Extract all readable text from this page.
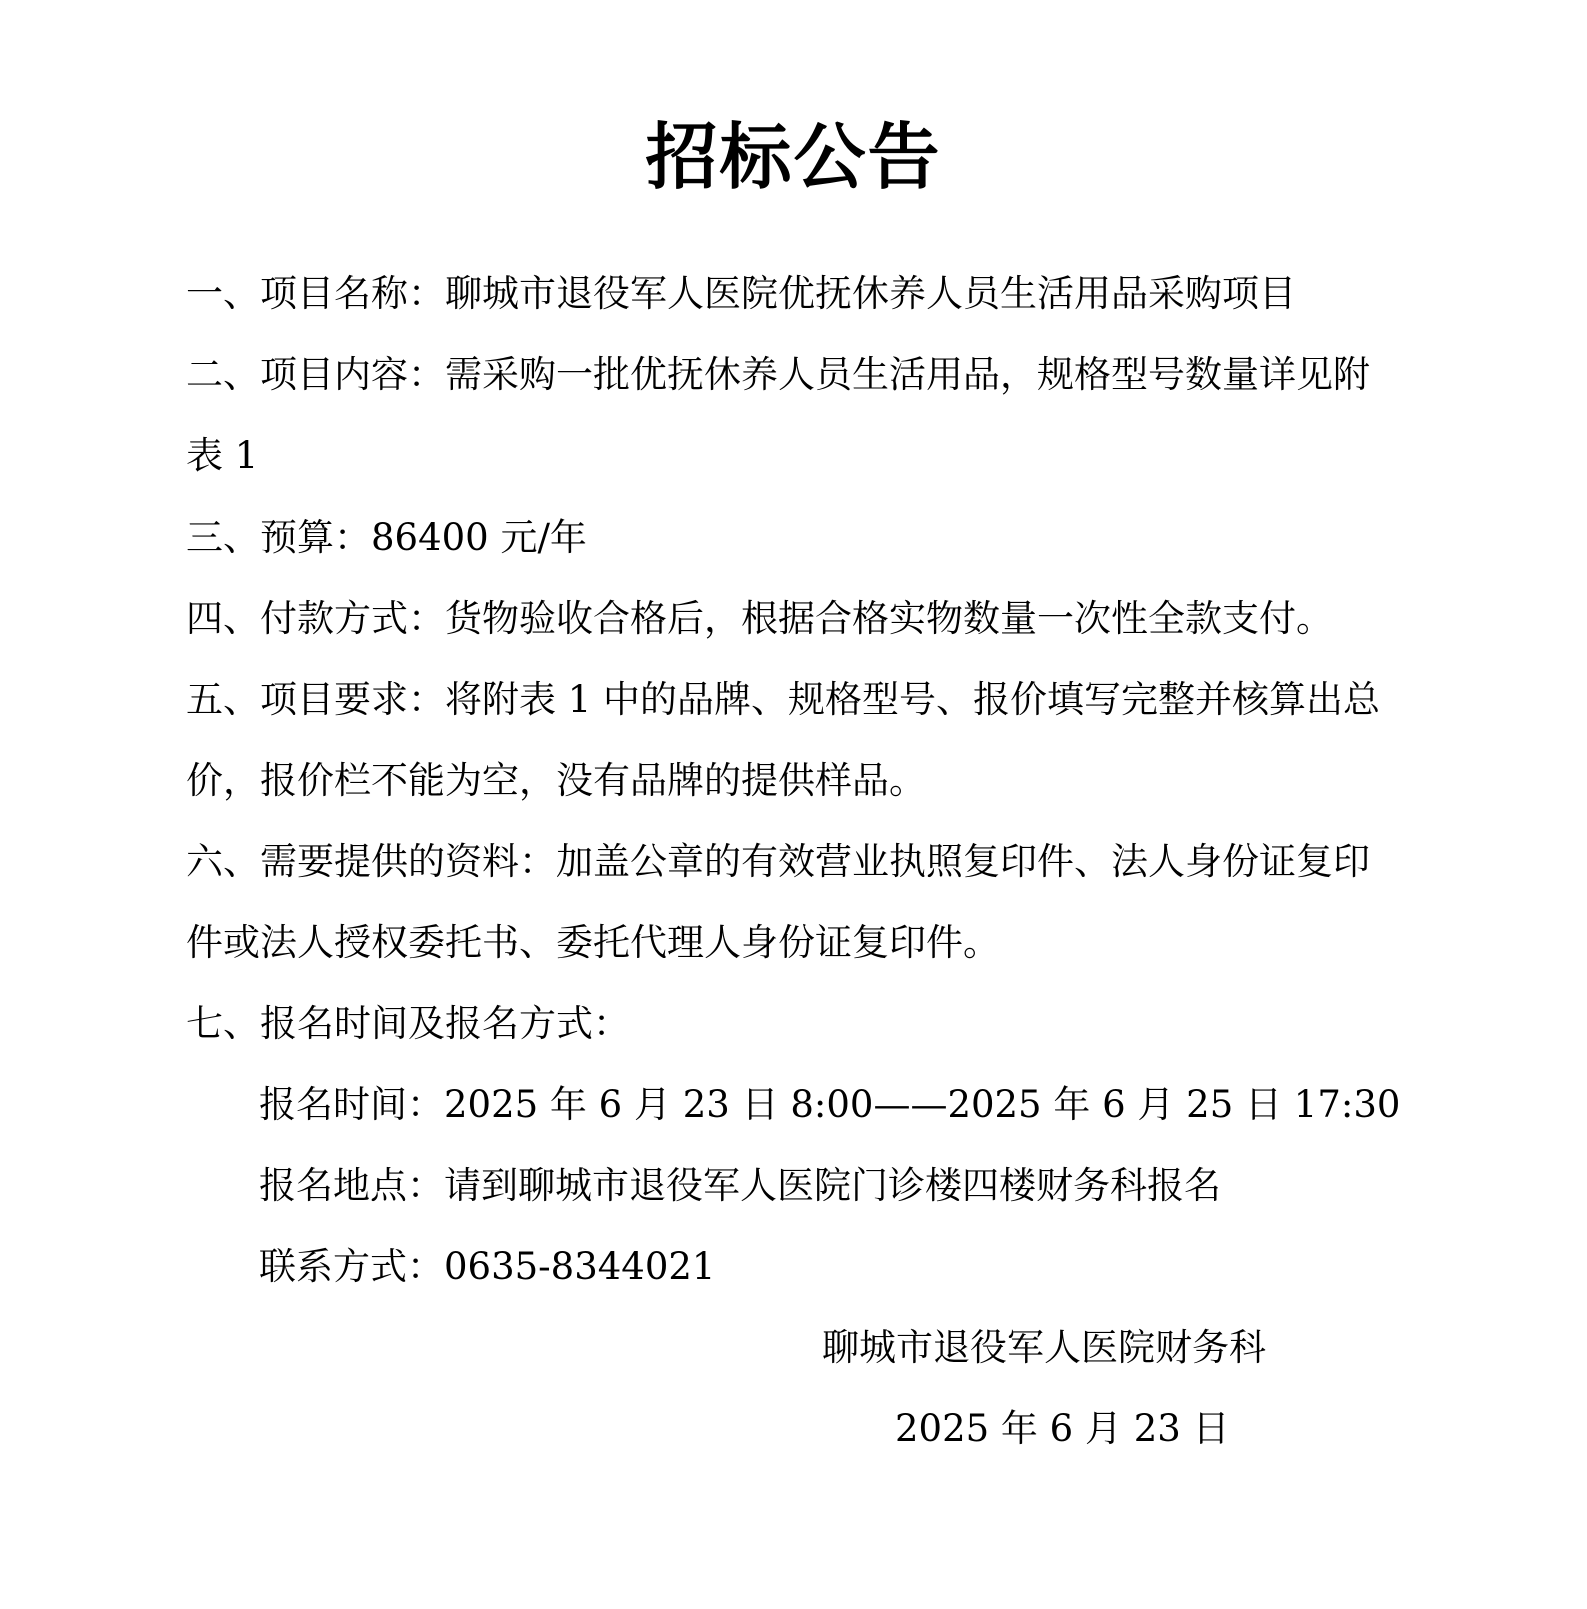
招标公告

一、项目名称：聊城市退役军人医院优抚休养人员生活用品采购项目

二、项目内容：需采购一批优抚休养人员生活用品，规格型号数量详见附

表 1

三、预算：86400 元/年

四、付款方式：货物验收合格后，根据合格实物数量一次性全款支付。

五、项目要求：将附表 1 中的品牌、规格型号、报价填写完整并核算出总

价，报价栏不能为空，没有品牌的提供样品。

六、需要提供的资料：加盖公章的有效营业执照复印件、法人身份证复印

件或法人授权委托书、委托代理人身份证复印件。

七、报名时间及报名方式：

报名时间：2025 年 6 月 23 日 8:00——2025 年 6 月 25 日 17:30

报名地点：请到聊城市退役军人医院门诊楼四楼财务科报名

联系方式：0635-8344021

聊城市退役军人医院财务科

2025 年 6 月 23 日
